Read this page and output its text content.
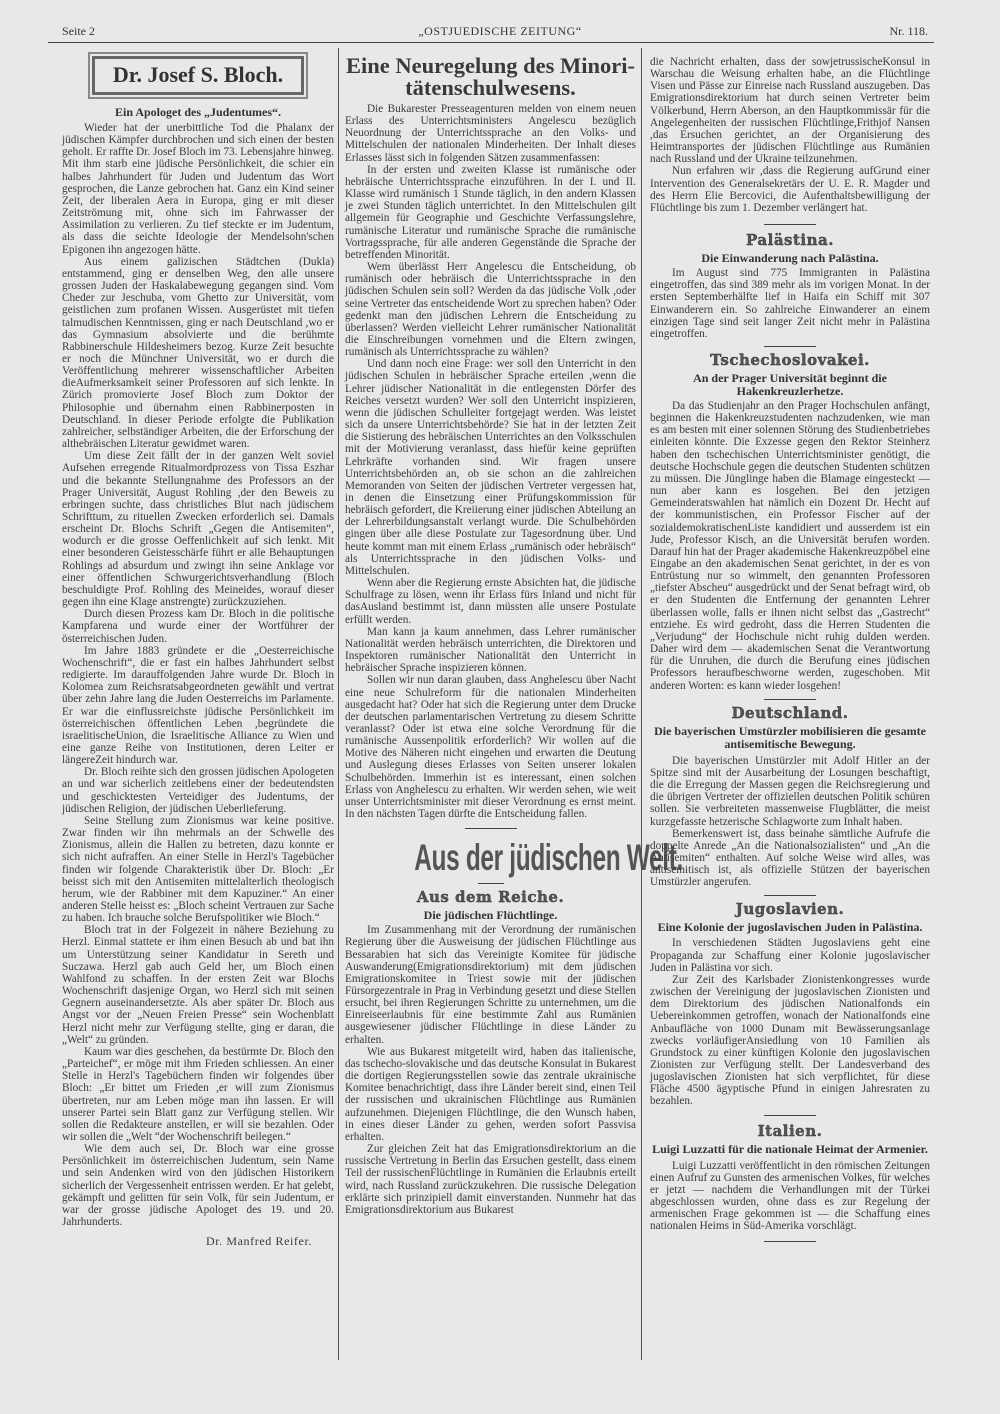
Seite 2	„OSTJUEDISCHE ZEITUNG“	Nr. 118.
Dr. Josef S. Bloch.

Ein Apologet des „Judentumes“.

Wieder hat der unerbittliche Tod die Phalanx der jüdischen Kämpfer durchbrochen und sich einen der besten geholt. Er raffte Dr. Josef Bloch im 73. Lebensjahre hinweg. Mit ihm starb eine jüdische Persönlichkeit, die schier ein halbes Jahrhundert für Juden und Judentum das Wort gesprochen, die Lanze gebrochen hat. Ganz ein Kind seiner Zeit, der liberalen Aera in Europa, ging er mit dieser Zeitströmung mit, ohne sich im Fahrwasser der Assimilation zu verlieren. Zu tief steckte er im Judentum, als dass die seichte Ideologie der Mendelsohn'schen Epigonen ihn angezogen hätte.

Aus einem galizischen Städtchen (Dukla) entstammend, ging er denselben Weg, den alle unsere grossen Juden der Haskalabewegung gegangen sind. Vom Cheder zur Jeschuba, vom Ghetto zur Universität, vom geistlichen zum profanen Wissen. Ausgerüstet mit tiefen talmudischen Kenntnissen, ging er nach Deutschland ,wo er das Gymnasium absolvierte und die berühmte Rabbinerschule Hildesheimers bezog. Kurze Zeit besuchte er noch die Münchner Universität, wo er durch die Veröffentlichung mehrerer wissenschaftlicher Arbeiten dieAufmerksamkeit seiner Professoren auf sich lenkte. In Zürich promovierte Josef Bloch zum Doktor der Philosophie und übernahm einen Rabbinerposten in Deutschland. In dieser Periode erfolgte die Publikation zahlreicher, selbständiger Arbeiten, die der Erforschung der althebräischen Literatur gewidmet waren.

Um diese Zeit fällt der in der ganzen Welt soviel Aufsehen erregende Ritualmordprozess von Tissa Eszhar und die bekannte Stellungnahme des Professors an der Prager Universität, August Rohling ,der den Beweis zu erbringen suchte, dass christliches Blut nach jüdischem Schrifttum, zu rituellen Zwecken erforderlich sei. Damals erscheint Dr. Blochs Schrift „Gegen die Antisemiten“, wodurch er die grosse Oeffenlichkeit auf sich lenkt. Mit einer besonderen Geistesschärfe führt er alle Behauptungen Rohlings ad absurdum und zwingt ihn seine Anklage vor einer öffentlichen Schwurgerichtsverhandlung (Bloch beschuldigte Prof. Rohling des Meineides, worauf dieser gegen ihn eine Klage anstrengte) zurückzuziehen.

Durch diesen Prozess kam Dr. Bloch in die politische Kampfarena und wurde einer der Wortführer der österreichischen Juden.

Im Jahre 1883 gründete er die „Oesterreichische Wochenschrift“, die er fast ein halbes Jahrhundert selbst redigierte. Im darauffolgenden Jahre wurde Dr. Bloch in Kolomea zum Reichsratsabgeordneten gewählt und vertrat über zehn Jahre lang die Juden Oesterreichs im Parlamente. Er war die einflussreichste jüdische Persönlichkeit im österreichischen öffentlichen Leben ,begründete die israelitischeUnion, die Israelitische Alliance zu Wien und eine ganze Reihe von Institutionen, deren Leiter er längereZeit hindurch war.

Dr. Bloch reihte sich den grossen jüdischen Apologeten an und war sicherlich zeitlebens einer der bedeutendsten und geschicktesten Verteidiger des Judentums, der jüdischen Religion, der jüdischen Ueberlieferung.

Seine Stellung zum Zionismus war keine positive. Zwar finden wir ihn mehrmals an der Schwelle des Zionismus, allein die Hallen zu betreten, dazu konnte er sich nicht aufraffen. An einer Stelle in Herzl's Tagebücher finden wir folgende Charakteristik über Dr. Bloch: „Er beisst sich mit den Antisemiten mittelalterlich theologisch herum, wie der Rabbiner mit dem Kapuziner.“ An einer anderen Stelle heisst es: „Bloch scheint Vertrauen zur Sache zu haben. Ich brauche solche Berufspolitiker wie Bloch.“

Bloch trat in der Folgezeit in nähere Beziehung zu Herzl. Einmal stattete er ihm einen Besuch ab und bat ihn um Unterstützung seiner Kandidatur in Sereth und Suczawa. Herzl gab auch Geld her, um Bloch einen Wahlfond zu schaffen. In der ersten Zeit war Blochs Wochenschrift dasjenige Organ, wo Herzl sich mit seinen Gegnern auseinandersetzte. Als aber später Dr. Bloch aus Angst vor der „Neuen Freien Presse“ sein Wochenblatt Herzl nicht mehr zur Verfügung stellte, ging er daran, die „Welt“ zu gründen.

Kaum war dies geschehen, da bestürmte Dr. Bloch den „Parteichef“, er möge mit ihm Frieden schliessen. An einer Stelle in Herzl's Tagebüchern finden wir folgendes über Bloch: „Er bittet um Frieden ,er will zum Zionismus übertreten, nur am Leben möge man ihn lassen. Er will unserer Partei sein Blatt ganz zur Verfügung stellen. Wir sollen die Redakteure anstellen, er will sie bezahlen. Oder wir sollen die „Welt “der Wochenschrift beilegen.“

Wie dem auch sei, Dr. Bloch war eine grosse Persönlichkeit im österreichischen Judentum, sein Name und sein Andenken wird von den jüdischen Historikern sicherlich der Vergessenheit entrissen werden. Er hat gelebt, gekämpft und gelitten für sein Volk, für sein Judentum, er war der grosse jüdische Apologet des 19. und 20. Jahrhunderts.

Dr. Manfred Reifer.

Eine Neuregelung des Minori-

tätenschulwesens.

Die Bukarester Presseagenturen melden von einem neuen Erlass des Unterrichtsministers Angelescu bezüglich Neuordnung der Unterrichtssprache an den Volks- und Mittelschulen der nationalen Minderheiten. Der Inhalt dieses Erlasses lässt sich in folgenden Sätzen zusammenfassen:

In der ersten und zweiten Klasse ist rumänische oder hebräische Unterrichtssprache einzuführen. In der I. und II. Klasse wird rumänisch 1 Stunde täglich, in den andern Klassen je zwei Stunden täglich unterrichtet. In den Mittelschulen gilt allgemein für Geographie und Geschichte Verfassungslehre, rumänische Literatur und rumänische Sprache die rumänische Vortragssprache, für alle anderen Gegenstände die Sprache der betreffenden Minorität.

Wem überlässt Herr Angelescu die Entscheidung, ob rumänisch oder hebräisch die Unterrichtssprache in den jüdischen Schulen sein soll? Werden da das jüdische Volk ,oder seine Vertreter das entscheidende Wort zu sprechen haben? Oder gedenkt man den jüdischen Lehrern die Entscheidung zu überlassen? Werden vielleicht Lehrer rumänischer Nationalität die Einschreibungen vornehmen und die Eltern zwingen, rumänisch als Unterrichtssprache zu wählen?

Und dann noch eine Frage: wer soll den Unterricht in den jüdischen Schulen in hebräischer Sprache erteilen ,wenn die Lehrer jüdischer Nationalität in die entlegensten Dörfer des Reiches versetzt wurden? Wer soll den Unterricht inspizieren, wenn die jüdischen Schulleiter fortgejagt werden. Was leistet sich da unsere Unterrichtsbehörde? Sie hat in der letzten Zeit die Sistierung des hebräischen Unterrichtes an den Volksschulen mit der Motivierung veranlasst, dass hiefür keine geprüften Lehrkräfte vorhanden sind. Wir fragen unsere Unterrichtsbehörden an, ob sie schon an die zahlreichen Memoranden von Seiten der jüdischen Vertreter vergessen hat, in denen die Einsetzung einer Prüfungskommission für hebräisch gefordert, die Kreiierung einer jüdischen Abteilung an der Lehrerbildungsanstalt verlangt wurde. Die Schulbehörden gingen über alle diese Postulate zur Tagesordnung über. Und heute kommt man mit einem Erlass „rumänisch oder hebräisch“ als Unterrichtssprache in den jüdischen Volks- und Mittelschulen.

Wenn aber die Regierung ernste Absichten hat, die jüdische Schulfrage zu lösen, wenn ihr Erlass fürs Inland und nicht für dasAusland bestimmt ist, dann müssten alle unsere Postulate erfüllt werden.

Man kann ja kaum annehmen, dass Lehrer rumänischer Nationalität werden hebräisch unterrichten, die Direktoren und Inspektoren rumänischer Nationalität den Unterricht in hebräischer Sprache inspizieren können.

Sollen wir nun daran glauben, dass Anghelescu über Nacht eine neue Schulreform für die nationalen Minderheiten ausgedacht hat? Oder hat sich die Regierung unter dem Drucke der deutschen parlamentarischen Vertretung zu diesem Schritte veranlasst? Oder ist etwa eine solche Verordnung für die rumänische Aussenpolitik erforderlich? Wir wollen auf die Motive des Näheren nicht eingehen und erwarten die Deutung und Auslegung dieses Erlasses von Seiten unserer lokalen Schulbehörden. Immerhin ist es interessant, einen solchen Erlass von Anghelescu zu erhalten. Wir werden sehen, wie weit unser Unterrichtsminister mit dieser Verordnung es ernst meint. In den nächsten Tagen dürfte die Entscheidung fallen.

Aus der jüdischen Welt.
Aus dem Reiche.

Die jüdischen Flüchtlinge.

Im Zusammenhang mit der Verordnung der rumänischen Regierung über die Ausweisung der jüdischen Flüchtlinge aus Bessarabien hat sich das Vereinigte Komitee für jüdische Auswanderung(Emigrationsdirektorium) mit dem jüdischen Emigrationskomitee in Triest sowie mit der jüdischen Fürsorgezentrale in Prag in Verbindung gesetzt und diese Stellen ersucht, bei ihren Regierungen Schritte zu unternehmen, um die Einreiseerlaubnis für eine bestimmte Zahl aus Rumänien ausgewiesener jüdischer Flüchtlinge in diese Länder zu erhalten.

Wie aus Bukarest mitgeteilt wird, haben das italienische, das tschecho-slovakische und das deutsche Konsulat in Bukarest die dortigen Regierungsstellen sowie das zentrale ukrainische Komitee benachrichtigt, dass ihre Länder bereit sind, einen Teil der russischen und ukrainischen Flüchtlinge aus Rumänien aufzunehmen. Diejenigen Flüchtlinge, die den Wunsch haben, in eines dieser Länder zu gehen, werden sofort Passvisa erhalten.

Zur gleichen Zeit hat das Emigrationsdirektorium an die russische Vertretung in Berlin das Ersuchen gestellt, dass einem Teil der russischenFlüchtlinge in Rumänien die Erlaubnis erteilt wird, nach Russland zurückzukehren. Die russische Delegation erklärte sich prinzipiell damit einverstanden. Nunmehr hat das Emigrationsdirektorium aus Bukarest

die Nachricht erhalten, dass der sowjetrussischeKonsul in Warschau die Weisung erhalten habe, an die Flüchtlinge Visen und Pässe zur Einreise nach Russland auszugeben. Das Emigrationsdirektorium hat durch seinen Vertreter beim Völkerbund, Herrn Aberson, an den Hauptkommissär für die Angelegenheiten der russischen Flüchtlinge,Frithjof Nansen ,das Ersuchen gerichtet, an der Organisierung des Heimtransportes der jüdischen Flüchtlinge aus Rumänien nach Russland und der Ukraine teilzunehmen.

Nun erfahren wir ,dass die Regierung aufGrund einer Intervention des Generalsekretärs der U. E. R. Magder und des Herrn Elie Bercovici, die Aufenthaltsbewilligung der Flüchtlinge bis zum 1. Dezember verlängert hat.

Palästina.

Die Einwanderung nach Palästina.

Im August sind 775 Immigranten in Palästina eingetroffen, das sind 389 mehr als im vorigen Monat. In der ersten Septemberhälfte lief in Haifa ein Schiff mit 307 Einwanderern ein. So zahlreiche Einwanderer an einem einzigen Tage sind seit langer Zeit nicht mehr in Palästina eingetroffen.

Tschechoslovakei.

An der Prager Universität beginnt die Hakenkreuzlerhetze.

Da das Studienjahr an den Prager Hochschulen anfängt, beginnen die Hakenkreuzstudenten nachzudenken, wie man es am besten mit einer solennen Störung des Studienbetriebes einleiten könnte. Die Exzesse gegen den Rektor Steinherz haben den tschechischen Unterrichtsminister genötigt, die deutsche Hochschule gegen die deutschen Studenten schützen zu müssen. Die Jünglinge haben die Blamage eingesteckt — nun aber kann es losgehen. Bei den jetzigen Gemeinderatswahlen hat nämlich ein Dozent Dr. Hecht auf der kommunistischen, ein Professor Fischer auf der sozialdemokratischenListe kandidiert und ausserdem ist ein Jude, Professor Kisch, an die Universität berufen worden. Darauf hin hat der Prager akademische Hakenkreuzpöbel eine Eingabe an den akademischen Senat gerichtet, in der es von Entrüstung nur so wimmelt, den genannten Professoren „tiefster Abscheu“ ausgedrückt und der Senat befragt wird, ob er den Studenten die Entfernung der genannten Lehrer überlassen wolle, falls er ihnen nicht selbst das „Gastrecht“ entziehe. Es wird gedroht, dass die Herren Studenten die „Verjudung“ der Hochschule nicht ruhig dulden werden. Daher wird dem — akademischen Senat die Verantwortung für die Unruhen, die durch die Berufung eines jüdischen Professors heraufbeschworne werden, zugeschoben. Mit anderen Worten: es kann wieder losgehen!

Deutschland.

Die bayerischen Umstürzler mobilisieren die gesamte antisemitische Bewegung.

Die bayerischen Umstürzler mit Adolf Hitler an der Spitze sind mit der Ausarbeitung der Losungen beschaftigt, die die Erregung der Massen gegen die Reichsregierung und die übrigen Vertreter der offiziellen deutschen Politik schüren sollen. Sie verbreiteten massenweise Flugblätter, die meist kurzgefasste hetzerische Schlagworte zum Inhalt haben.

Bemerkenswert ist, dass beinahe sämtliche Aufrufe die doppelte Anrede „An die Nationalsozialisten“ und „An die Antisemiten“ enthalten. Auf solche Weise wird alles, was antisemitisch ist, als offizielle Stützen der bayerischen Umstürzler angerufen.

Jugoslavien.

Eine Kolonie der jugoslavischen Juden in Palästina.

In verschiedenen Städten Jugoslaviens geht eine Propaganda zur Schaffung einer Kolonie jugoslavischer Juden in Palästina vor sich.

Zur Zeit des Karlsbader Zionistenkongresses wurde zwischen der Vereinigung der jugoslavischen Zionisten und dem Direktorium des jüdischen Nationalfonds ein Uebereinkommen getroffen, wonach der Nationalfonds eine Anbaufläche von 1000 Dunam mit Bewässerungsanlage zwecks vorläufigerAnsiedlung von 10 Familien als Grundstock zu einer künftigen Kolonie den jugoslavischen Zionisten zur Verfügung stellt. Der Landesverband des jugoslavischen Zionisten hat sich verpflichtet, für diese Fläche 4500 ägyptische Pfund in einigen Jahresraten zu bezahlen.

Italien.

Luigi Luzzatti für die nationale Heimat der Armenier.

Luigi Luzzatti veröffentlicht in den römischen Zeitungen einen Aufruf zu Gunsten des armenischen Volkes, für welches er jetzt — nachdem die Verhandlungen mit der Türkei abgeschlossen wurden, ohne dass es zur Regelung der armenischen Frage gekommen ist — die Schaffung eines nationalen Heims in Süd-Amerika vorschlägt.
